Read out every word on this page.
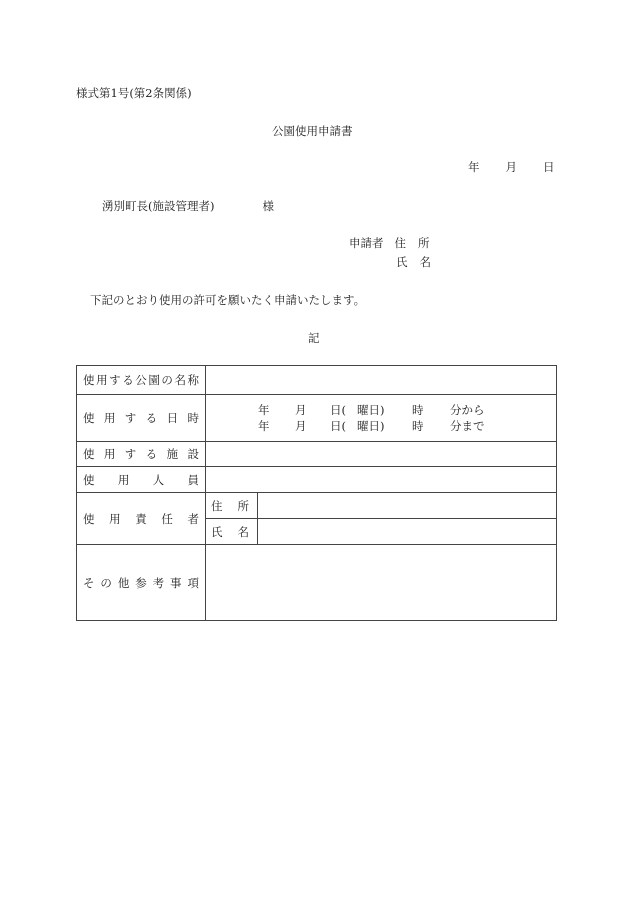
様式第1号(第2条関係)
公園使用申請書
年 月 日
湧別町長(施設管理者)	様
申請者 住 所
氏 名
下記のとおり使用の許可を願いたく申請いたします。
記
使 用 す る 公 園 の 名 称

使 用 す る 日 時

年	月	日( 曜日)	時	分から
年	月	日( 曜日)	時	分まで

使 用 す る 施 設

使 用 人 員		

使 用 責 任 者	住 所	

	氏 名	

そ の 他 参 考 事 項
